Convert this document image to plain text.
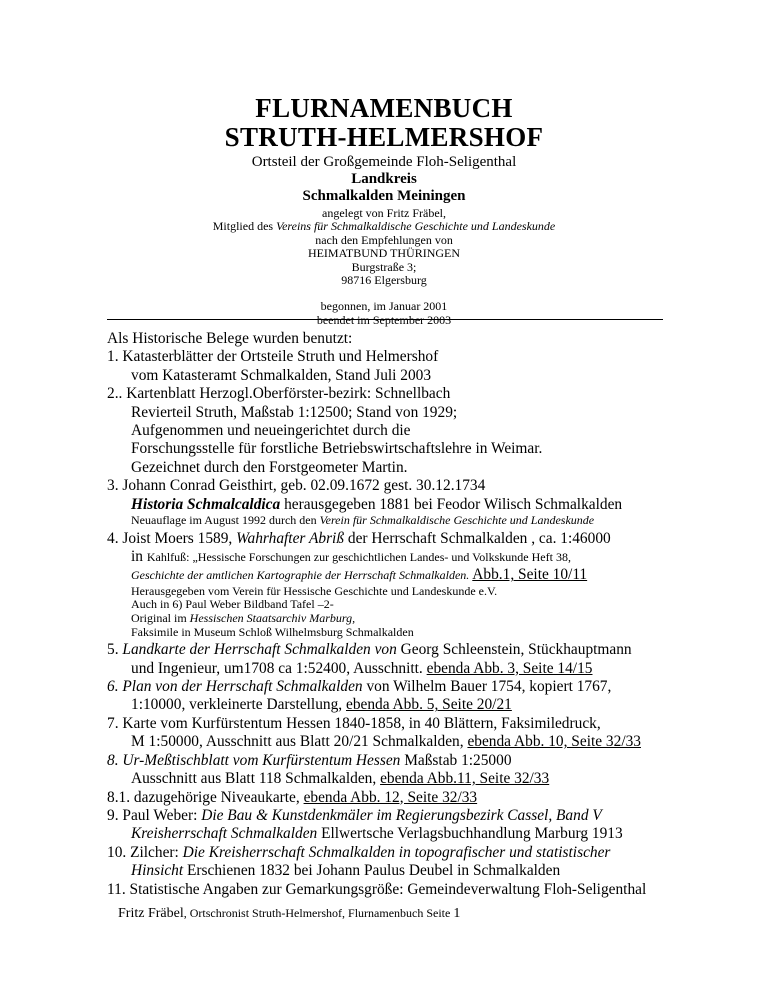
FLURNAMENBUCH
STRUTH-HELMERSHOF
Ortsteil der Großgemeinde Floh-Seligenthal
Landkreis
Schmalkalden Meiningen
angelegt von Fritz Fräbel,
Mitglied des Vereins für Schmalkaldische Geschichte und Landeskunde
nach den Empfehlungen von
HEIMATBUND THÜRINGEN
Burgstraße 3;
98716 Elgersburg
begonnen, im Januar 2001
beendet im September 2003
Als Historische Belege wurden benutzt:
1. Katasterblätter der Ortsteile Struth und Helmershof
vom Katasteramt Schmalkalden, Stand Juli 2003
2.. Kartenblatt Herzogl.Oberförster-bezirk: Schnellbach
Revierteil Struth, Maßstab 1:12500; Stand von 1929;
Aufgenommen und neueingerichtet durch die
Forschungsstelle für forstliche Betriebswirtschaftslehre in Weimar.
Gezeichnet durch den Forstgeometer Martin.
3. Johann Conrad Geisthirt, geb. 02.09.1672 gest. 30.12.1734
Historia Schmalcaldica herausgegeben 1881 bei Feodor Wilisch Schmalkalden
Neuauflage im August 1992 durch den Verein für Schmalkaldische Geschichte und Landeskunde
4. Joist Moers 1589, Wahrhafter Abriß der Herrschaft Schmalkalden , ca. 1:46000
in Kahlfuß: „Hessische Forschungen zur geschichtlichen Landes- und Volkskunde Heft 38,
Geschichte der amtlichen Kartographie der Herrschaft Schmalkalden. Abb.1, Seite 10/11
Herausgegeben vom Verein für Hessische Geschichte und Landeskunde e.V.
Auch in 6) Paul Weber Bildband Tafel –2-
Original im Hessischen Staatsarchiv Marburg,
Faksimile in Museum Schloß Wilhelmsburg Schmalkalden
5. Landkarte der Herrschaft Schmalkalden von Georg Schleenstein, Stückhauptmann
und Ingenieur, um1708 ca 1:52400, Ausschnitt. ebenda Abb. 3, Seite 14/15
6. Plan von der Herrschaft Schmalkalden von Wilhelm Bauer 1754, kopiert 1767,
1:10000, verkleinerte Darstellung, ebenda Abb. 5, Seite 20/21
7. Karte vom Kurfürstentum Hessen 1840-1858, in 40 Blättern, Faksimiledruck,
M 1:50000, Ausschnitt aus Blatt 20/21 Schmalkalden, ebenda Abb. 10, Seite 32/33
8. Ur-Meßtischblatt vom Kurfürstentum Hessen Maßstab 1:25000
Ausschnitt aus Blatt 118 Schmalkalden, ebenda Abb.11, Seite 32/33
8.1. dazugehörige Niveaukarte, ebenda Abb. 12, Seite 32/33
9. Paul Weber: Die Bau & Kunstdenkmäler im Regierungsbezirk Cassel, Band V
Kreisherrschaft Schmalkalden Ellwertsche Verlagsbuchhandlung Marburg 1913
10. Zilcher: Die Kreisherrschaft Schmalkalden in topografischer und statistischer
Hinsicht Erschienen 1832 bei Johann Paulus Deubel in Schmalkalden
11. Statistische Angaben zur Gemarkungsgröße: Gemeindeverwaltung Floh-Seligenthal
Fritz Fräbel, Ortschronist Struth-Helmershof, Flurnamenbuch Seite 1
